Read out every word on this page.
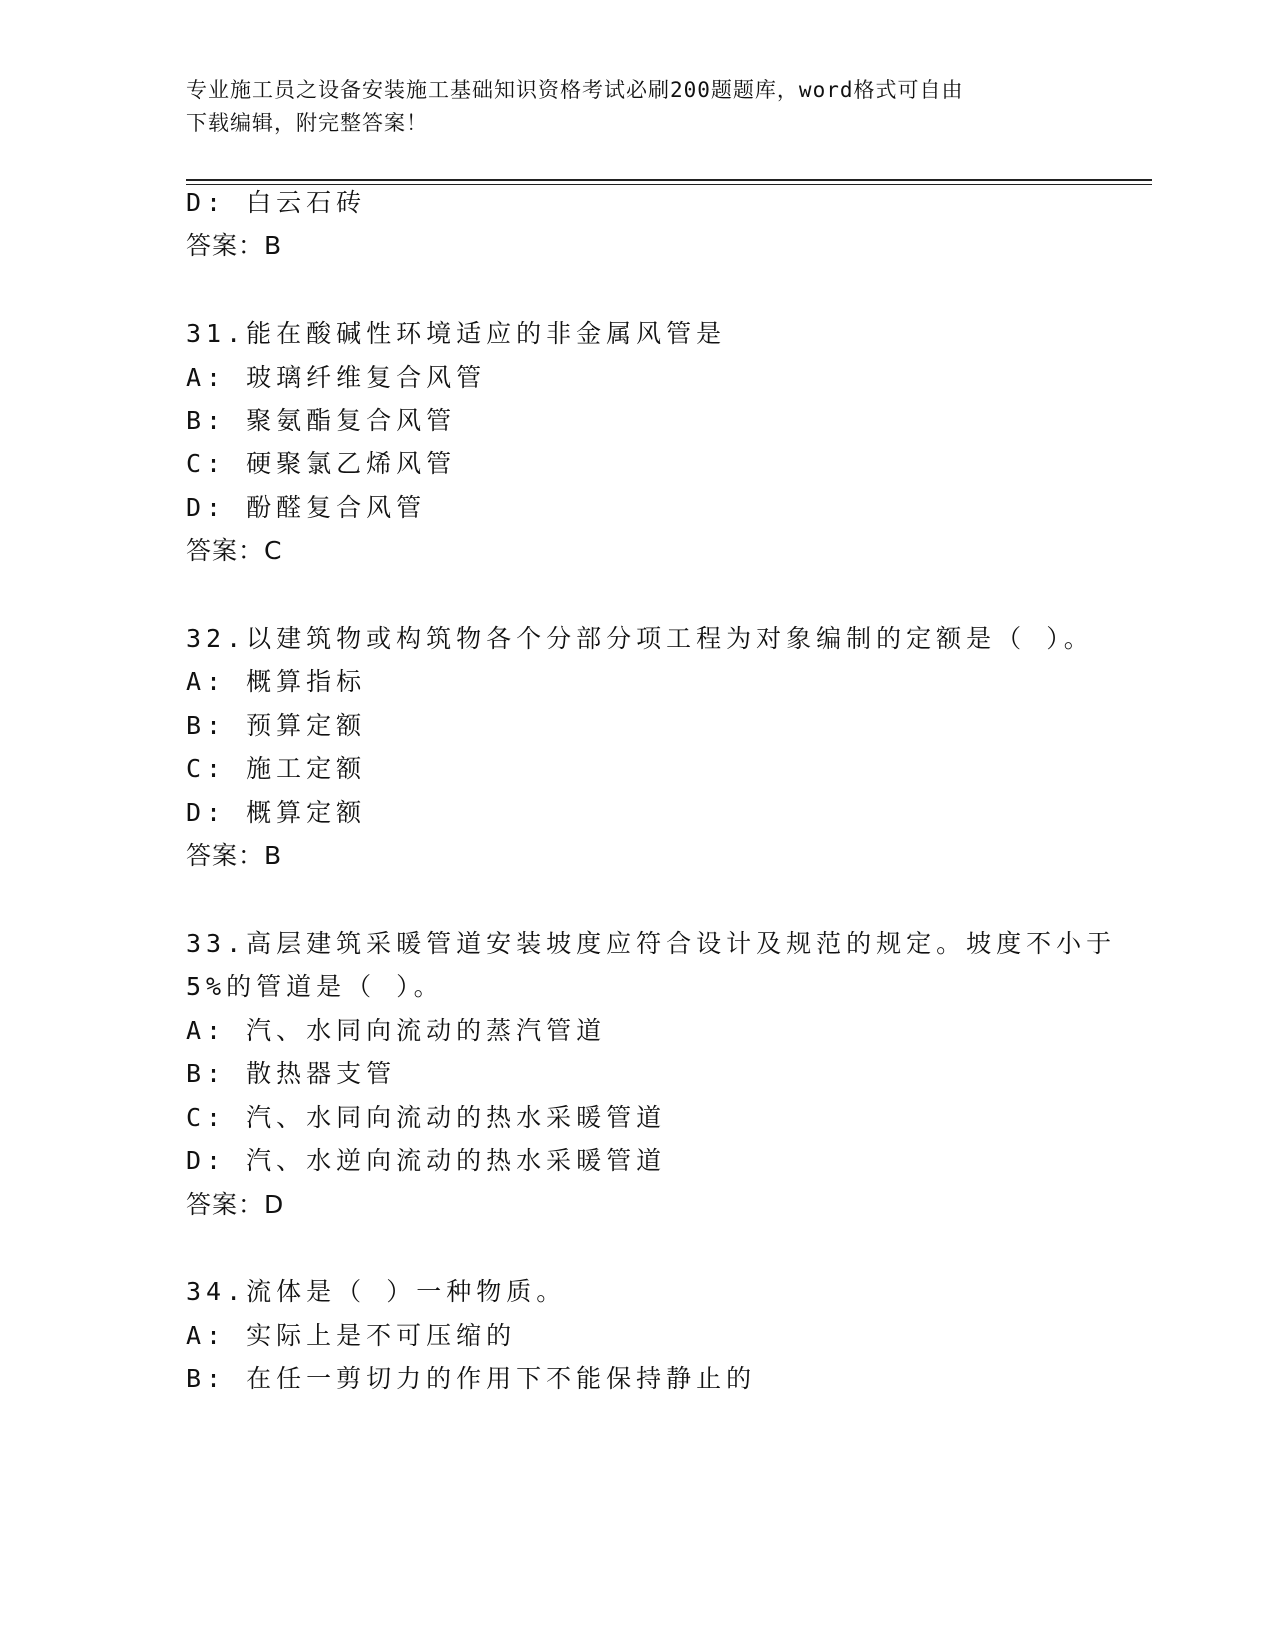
专业施工员之设备安装施工基础知识资格考试必刷200题题库，word格式可自由
下载编辑，附完整答案！
D: 白云石砖
答案：B
31.能在酸碱性环境适应的非金属风管是
A: 玻璃纤维复合风管
B: 聚氨酯复合风管
C: 硬聚氯乙烯风管
D: 酚醛复合风管
答案：C
32.以建筑物或构筑物各个分部分项工程为对象编制的定额是（ ）。
A: 概算指标
B: 预算定额
C: 施工定额
D: 概算定额
答案：B
33.高层建筑采暖管道安装坡度应符合设计及规范的规定。坡度不小于
5%的管道是（ ）。
A: 汽、水同向流动的蒸汽管道
B: 散热器支管
C: 汽、水同向流动的热水采暖管道
D: 汽、水逆向流动的热水采暖管道
答案：D
34.流体是（ ）一种物质。
A: 实际上是不可压缩的
B: 在任一剪切力的作用下不能保持静止的
